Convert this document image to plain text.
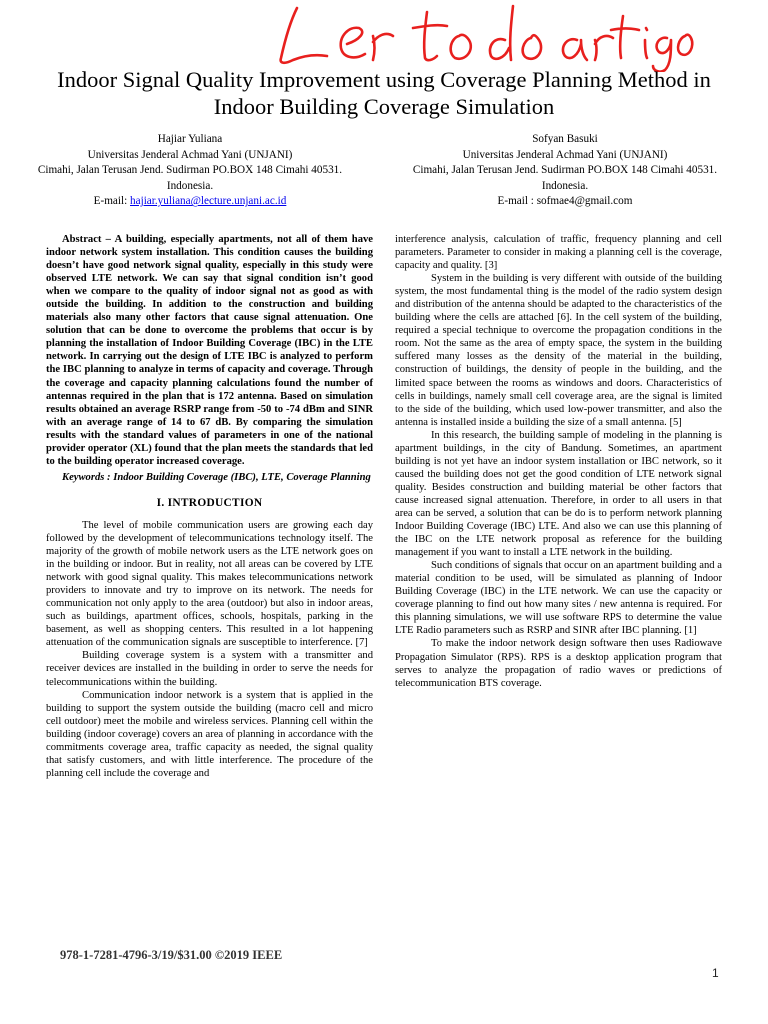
Indoor Signal Quality Improvement using Coverage Planning Method in Indoor Building Coverage Simulation
Hajiar Yuliana
Universitas Jenderal Achmad Yani (UNJANI)
Cimahi, Jalan Terusan Jend. Sudirman PO.BOX 148 Cimahi 40531. Indonesia.
E-mail: hajiar.yuliana@lecture.unjani.ac.id
Sofyan Basuki
Universitas Jenderal Achmad Yani (UNJANI)
Cimahi, Jalan Terusan Jend. Sudirman PO.BOX 148 Cimahi 40531. Indonesia.
E-mail : sofmae4@gmail.com

Abstract – A building, especially apartments, not all of them have indoor network system installation. This condition causes the building doesn’t have good network signal quality, especially in this study were observed LTE network. We can say that signal condition isn’t good when we compare to the quality of indoor signal not as good as with outside the building. In addition to the construction and building materials also many other factors that cause signal attenuation. One solution that can be done to overcome the problems that occur is by planning the installation of Indoor Building Coverage (IBC) in the LTE network. In carrying out the design of LTE IBC is analyzed to perform the IBC planning to analyze in terms of capacity and coverage. Through the coverage and capacity planning calculations found the number of antennas required in the plan that is 172 antenna. Based on simulation results obtained an average RSRP range from -50 to -74 dBm and SINR with an average range of 14 to 67 dB. By comparing the simulation results with the standard values of parameters in one of the national provider operator (XL) found that the plan meets the standards that led to the building operator increased coverage.

Keywords : Indoor Building Coverage (IBC), LTE, Coverage Planning

I. INTRODUCTION

The level of mobile communication users are growing each day followed by the development of telecommunications technology itself. The majority of the growth of mobile network users as the LTE network goes on in the building or indoor. But in reality, not all areas can be covered by LTE network with good signal quality. This makes telecommunications network providers to innovate and try to improve on its network. The needs for communication not only apply to the area (outdoor) but also in indoor areas, such as buildings, apartment offices, schools, hospitals, parking in the basement, as well as shopping centers. This resulted in a lot happening attenuation of the communication signals are susceptible to interference. [7]

Building coverage system is a system with a transmitter and receiver devices are installed in the building in order to serve the needs for telecommunications within the building.

Communication indoor network is a system that is applied in the building to support the system outside the building (macro cell and micro cell outdoor) meet the mobile and wireless services. Planning cell within the building (indoor coverage) covers an area of planning in accordance with the commitments coverage area, traffic capacity as needed, the signal quality that satisfy customers, and with little interference. The procedure of the planning cell include the coverage and

interference analysis, calculation of traffic, frequency planning and cell parameters. Parameter to consider in making a planning cell is the coverage, capacity and quality. [3]

System in the building is very different with outside of the building system, the most fundamental thing is the model of the radio system design and distribution of the antenna should be adapted to the characteristics of the building where the cells are attached [6]. In the cell system of the building, required a special technique to overcome the propagation conditions in the room. Not the same as the area of empty space, the system in the building suffered many losses as the density of the material in the building, construction of buildings, the density of people in the building, and the limited space between the rooms as windows and doors. Characteristics of cells in buildings, namely small cell coverage area, are the signal is limited to the side of the building, which used low-power transmitter, and also the antenna is installed inside a building the size of a small antenna. [5]

In this research, the building sample of modeling in the planning is apartment buildings, in the city of Bandung. Sometimes, an apartment building is not yet have an indoor system installation or IBC network, so it caused the building does not get the good condition of LTE network signal quality. Besides construction and building material be other factors that cause increased signal attenuation. Therefore, in order to all users in that area can be served, a solution that can be do is to perform network planning Indoor Building Coverage (IBC) LTE. And also we can use this planning of the IBC on the LTE network proposal as reference for the building management if you want to install a LTE network in the building.

Such conditions of signals that occur on an apartment building and a material condition to be used, will be simulated as planning of Indoor Building Coverage (IBC) in the LTE network. We can use the capacity or coverage planning to find out how many sites / new antenna is required. For this planning simulations, we will use software RPS to determine the value LTE Radio parameters such as RSRP and SINR after IBC planning. [1]

To make the indoor network design software then uses Radiowave Propagation Simulator (RPS). RPS is a desktop application program that serves to analyze the propagation of radio waves or predictions of telecommunication BTS coverage.

978-1-7281-4796-3/19/$31.00 ©2019 IEEE
1
